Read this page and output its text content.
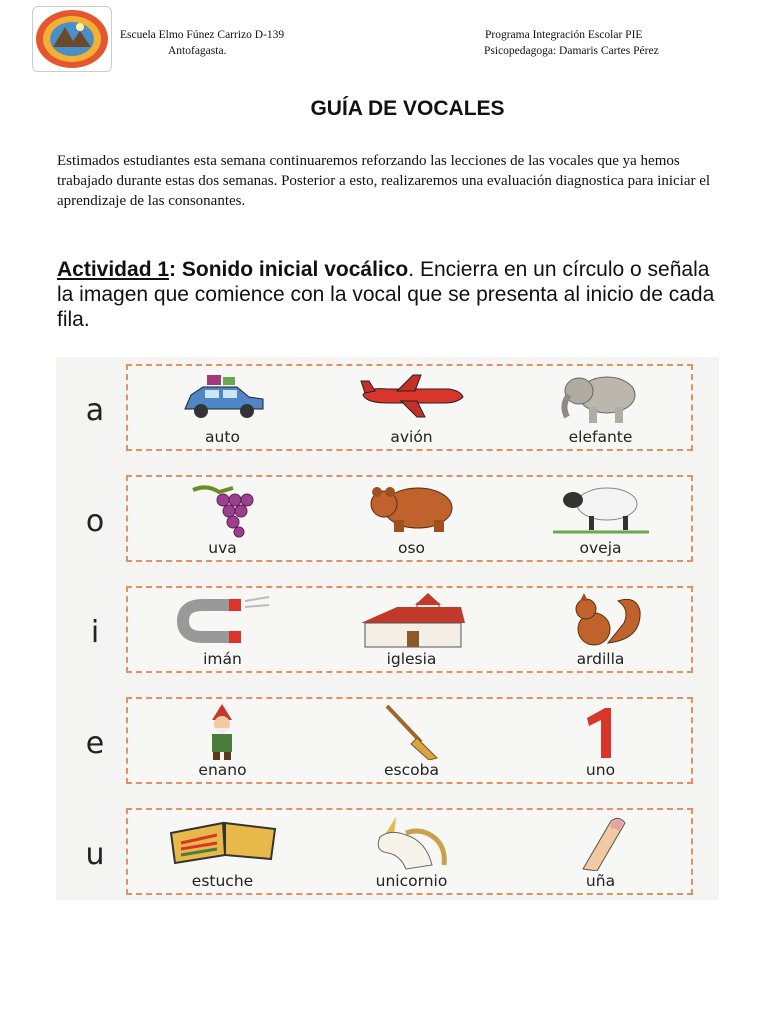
Escuela Elmo Fúnez Carrizo D-139
Antofagasta.
Programa Integración Escolar PIE
Psicopedagoga: Damaris Cartes Pérez
GUÍA DE VOCALES
Estimados estudiantes esta semana continuaremos reforzando las lecciones de las vocales que ya hemos trabajado durante estas dos semanas. Posterior a esto, realizaremos una evaluación diagnostica para iniciar el aprendizaje de las consonantes.
Actividad 1: Sonido inicial vocálico. Encierra en un círculo o señala la imagen que comience con la vocal que se presenta al inicio de cada fila.
a
auto	avión	elefante
o
uva	oso	oveja
i
imán	iglesia	ardilla
e
enano	escoba	uno
u
estuche	unicornio	uña
